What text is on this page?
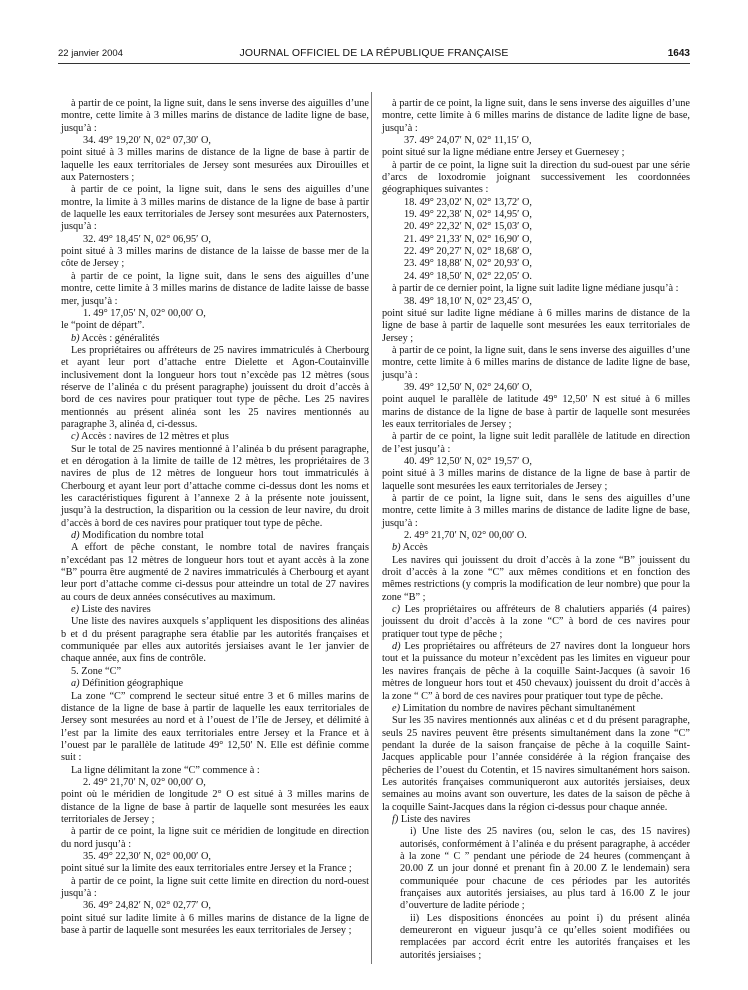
22 janvier 2004	JOURNAL OFFICIEL DE LA RÉPUBLIQUE FRANÇAISE	1643

à partir de ce point, la ligne suit, dans le sens inverse des aiguilles d’une montre, cette limite à 3 milles marins de distance de ladite ligne de base, jusqu’à :

34. 49° 19,20′ N, 02° 07,30′ O,

point situé à 3 milles marins de distance de la ligne de base à partir de laquelle les eaux territoriales de Jersey sont mesurées aux Dirouilles et aux Paternosters ;

à partir de ce point, la ligne suit, dans le sens des aiguilles d’une montre, la limite à 3 milles marins de distance de la ligne de base à partir de laquelle les eaux territoriales de Jersey sont mesurées aux Paternosters, jusqu’à :

32. 49° 18,45′ N, 02° 06,95′ O,

point situé à 3 milles marins de distance de la laisse de basse mer de la côte de Jersey ;

à partir de ce point, la ligne suit, dans le sens des aiguilles d’une montre, cette limite à 3 milles marins de distance de ladite laisse de basse mer, jusqu’à :

1. 49° 17,05′ N, 02° 00,00′ O,

le “point de départ”.

b) Accès : généralités

Les propriétaires ou affréteurs de 25 navires immatriculés à Cherbourg et ayant leur port d’attache entre Dielette et Agon-Coutainville inclusivement dont la longueur hors tout n’excède pas 12 mètres (sous réserve de l’alinéa c du présent paragraphe) jouissent du droit d’accès à bord de ces navires pour pratiquer tout type de pêche. Les 25 navires mentionnés au présent alinéa sont les 25 navires mentionnés au paragraphe 3, alinéa d, ci-dessus.

c) Accès : navires de 12 mètres et plus

Sur le total de 25 navires mentionné à l’alinéa b du présent paragraphe, et en dérogation à la limite de taille de 12 mètres, les propriétaires de 3 navires de plus de 12 mètres de longueur hors tout immatriculés à Cherbourg et ayant leur port d’attache comme ci-dessus dont les noms et les caractéristiques figurent à l’annexe 2 à la présente note jouissent, jusqu’à la destruction, la disparition ou la cession de leur navire, du droit d’accès à bord de ces navires pour pratiquer tout type de pêche.

d) Modification du nombre total

A effort de pêche constant, le nombre total de navires français n’excédant pas 12 mètres de longueur hors tout et ayant accès à la zone “B” pourra être augmenté de 2 navires immatriculés à Cherbourg et ayant leur port d’attache comme ci-dessus pour atteindre un total de 27 navires au cours de deux années consécutives au maximum.

e) Liste des navires

Une liste des navires auxquels s’appliquent les dispositions des alinéas b et d du présent paragraphe sera établie par les autorités françaises et communiquée par elles aux autorités jersiaises avant le 1er janvier de chaque année, aux fins de contrôle.

5. Zone “C”

a) Définition géographique

La zone “C” comprend le secteur situé entre 3 et 6 milles marins de distance de la ligne de base à partir de laquelle les eaux territoriales de Jersey sont mesurées au nord et à l’ouest de l’île de Jersey, et délimité à l’est par la limite des eaux territoriales entre Jersey et la France et à l’ouest par le parallèle de latitude 49° 12,50′ N. Elle est définie comme suit :

La ligne délimitant la zone “C” commence à :

2. 49° 21,70′ N, 02° 00,00′ O,

point où le méridien de longitude 2° O est situé à 3 milles marins de distance de la ligne de base à partir de laquelle sont mesurées les eaux territoriales de Jersey ;

à partir de ce point, la ligne suit ce méridien de longitude en direction du nord jusqu’à :

35. 49° 22,30′ N, 02° 00,00′ O,

point situé sur la limite des eaux territoriales entre Jersey et la France ;

à partir de ce point, la ligne suit cette limite en direction du nord-ouest jusqu’à :

36. 49° 24,82′ N, 02° 02,77′ O,

point situé sur ladite limite à 6 milles marins de distance de la ligne de base à partir de laquelle sont mesurées les eaux territoriales de Jersey ;

à partir de ce point, la ligne suit, dans le sens inverse des aiguilles d’une montre, cette limite à 6 milles marins de distance de ladite ligne de base, jusqu’à :

37. 49° 24,07′ N, 02° 11,15′ O,

point situé sur la ligne médiane entre Jersey et Guernesey ;

à partir de ce point, la ligne suit la direction du sud-ouest par une série d’arcs de loxodromie joignant successivement les coordonnées géographiques suivantes :

18. 49° 23,02′ N, 02° 13,72′ O,

19. 49° 22,38′ N, 02° 14,95′ O,

20. 49° 22,32′ N, 02° 15,03′ O,

21. 49° 21,33′ N, 02° 16,90′ O,

22. 49° 20,27′ N, 02° 18,68′ O,

23. 49° 18,88′ N, 02° 20,93′ O,

24. 49° 18,50′ N, 02° 22,05′ O.

à partir de ce dernier point, la ligne suit ladite ligne médiane jusqu’à :

38. 49° 18,10′ N, 02° 23,45′ O,

point situé sur ladite ligne médiane à 6 milles marins de distance de la ligne de base à partir de laquelle sont mesurées les eaux territoriales de Jersey ;

à partir de ce point, la ligne suit, dans le sens inverse des aiguilles d’une montre, cette limite à 6 milles marins de distance de ladite ligne de base, jusqu’à :

39. 49° 12,50′ N, 02° 24,60′ O,

point auquel le parallèle de latitude 49° 12,50′ N est situé à 6 milles marins de distance de la ligne de base à partir de laquelle sont mesurées les eaux territoriales de Jersey ;

à partir de ce point, la ligne suit ledit parallèle de latitude en direction de l’est jusqu’à :

40. 49° 12,50′ N, 02° 19,57′ O,

point situé à 3 milles marins de distance de la ligne de base à partir de laquelle sont mesurées les eaux territoriales de Jersey ;

à partir de ce point, la ligne suit, dans le sens des aiguilles d’une montre, cette limite à 3 milles marins de distance de ladite ligne de base, jusqu’à :

2. 49° 21,70′ N, 02° 00,00′ O.

b) Accès

Les navires qui jouissent du droit d’accès à la zone “B” jouissent du droit d’accès à la zone “C” aux mêmes conditions et en fonction des mêmes restrictions (y compris la modification de leur nombre) que pour la zone “B” ;

c) Les propriétaires ou affréteurs de 8 chalutiers appariés (4 paires) jouissent du droit d’accès à la zone “C” à bord de ces navires pour pratiquer tout type de pêche ;

d) Les propriétaires ou affréteurs de 27 navires dont la longueur hors tout et la puissance du moteur n’excèdent pas les limites en vigueur pour les navires français de pêche à la coquille Saint-Jacques (à savoir 16 mètres de longueur hors tout et 450 chevaux) jouissent du droit d’accès à la zone “ C” à bord de ces navires pour pratiquer tout type de pêche.

e) Limitation du nombre de navires pêchant simultanément

Sur les 35 navires mentionnés aux alinéas c et d du présent paragraphe, seuls 25 navires peuvent être présents simultanément dans la zone “C” pendant la durée de la saison française de pêche à la coquille Saint-Jacques applicable pour l’année considérée à la région française des pêcheries de l’ouest du Cotentin, et 15 navires simultanément hors saison. Les autorités françaises communiqueront aux autorités jersiaises, deux semaines au moins avant son ouverture, les dates de la saison de pêche à la coquille Saint-Jacques dans la région ci-dessus pour chaque année.

f) Liste des navires

i) Une liste des 25 navires (ou, selon le cas, des 15 navires) autorisés, conformément à l’alinéa e du présent paragraphe, à accéder à la zone “ C ” pendant une période de 24 heures (commençant à 20.00 Z un jour donné et prenant fin à 20.00 Z le lendemain) sera communiquée pour chacune de ces périodes par les autorités françaises aux autorités jersiaises, au plus tard à 16.00 Z le jour d’ouverture de ladite période ;

ii) Les dispositions énoncées au point i) du présent alinéa demeureront en vigueur jusqu’à ce qu’elles soient modifiées ou remplacées par accord écrit entre les autorités françaises et les autorités jersiaises ;
